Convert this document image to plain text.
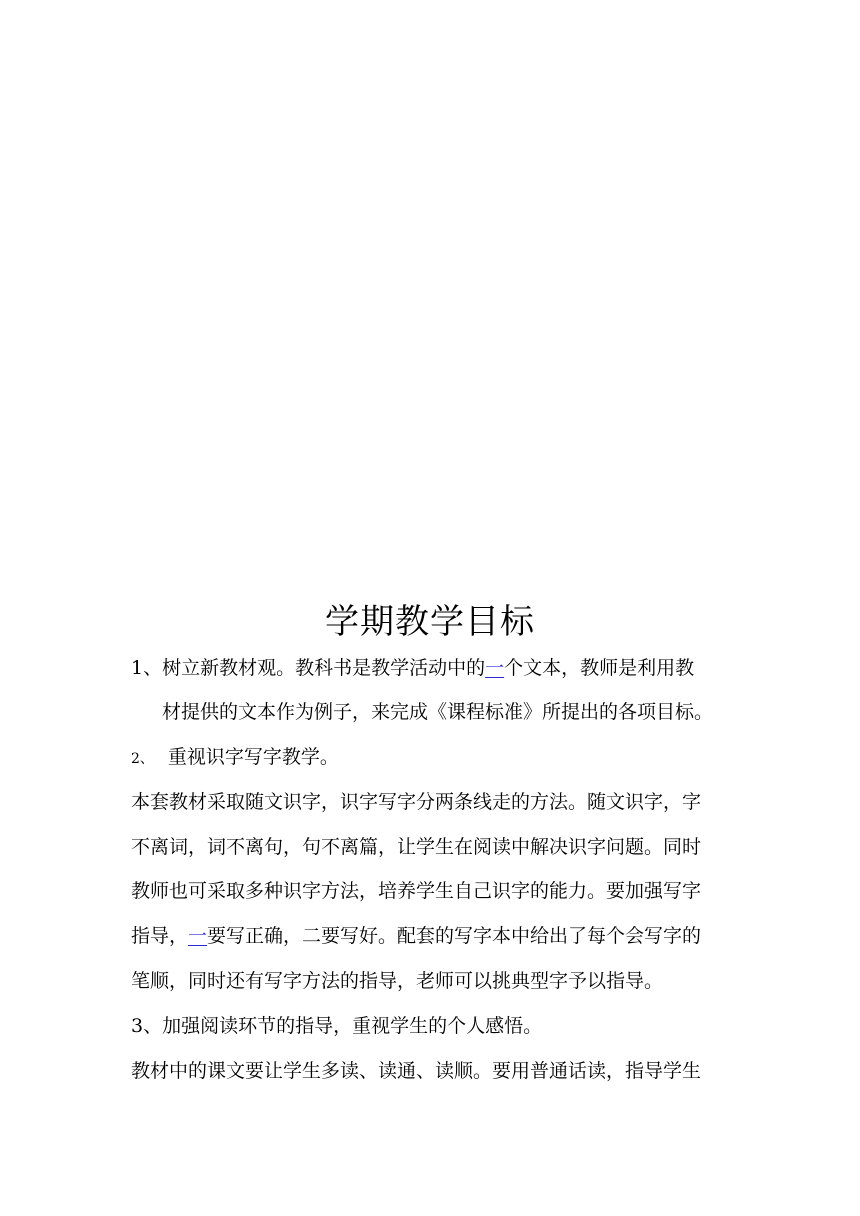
学期教学目标
1、树立新教材观。教科书是教学活动中的一个文本，教师是利用教
材提供的文本作为例子，来完成《课程标准》所提出的各项目标。
2、 重视识字写字教学。
本套教材采取随文识字，识字写字分两条线走的方法。随文识字，字
不离词，词不离句，句不离篇，让学生在阅读中解决识字问题。同时
教师也可采取多种识字方法，培养学生自己识字的能力。要加强写字
指导，一要写正确，二要写好。配套的写字本中给出了每个会写字的
笔顺，同时还有写字方法的指导，老师可以挑典型字予以指导。
3、加强阅读环节的指导，重视学生的个人感悟。
教材中的课文要让学生多读、读通、读顺。要用普通话读，指导学生
